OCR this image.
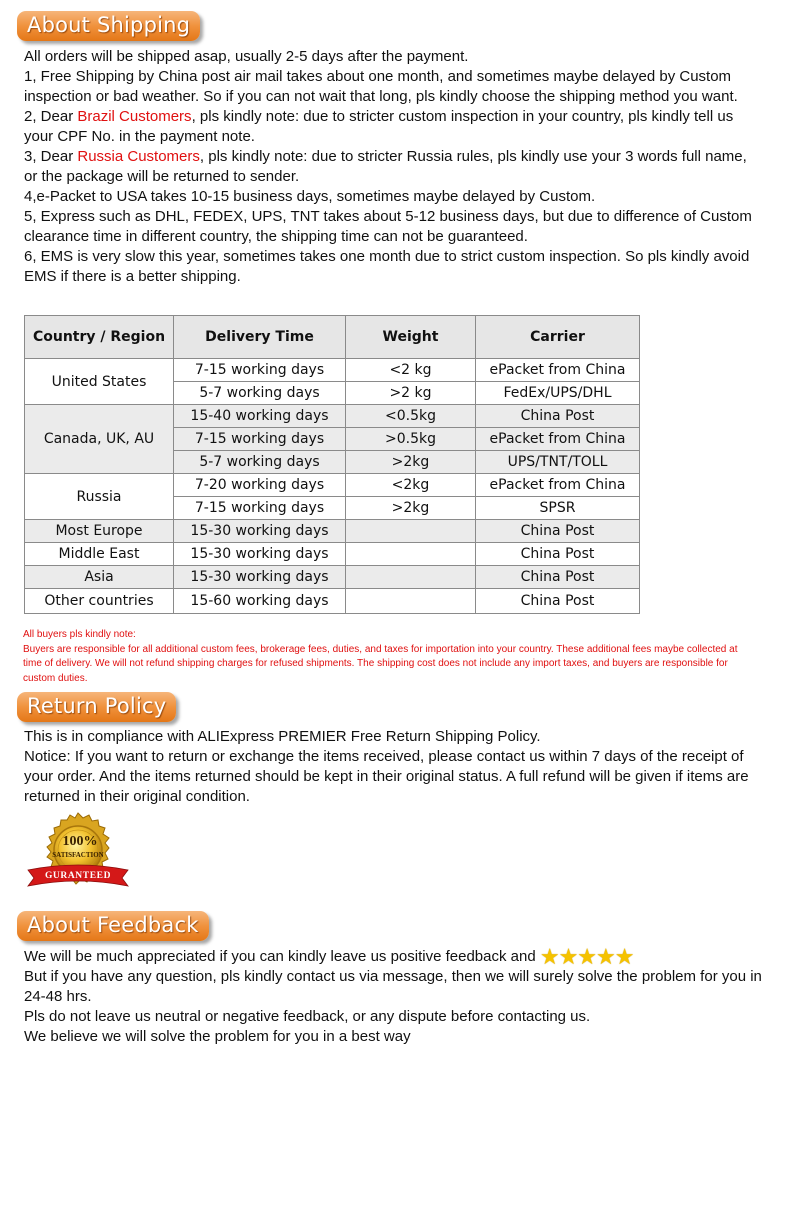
About Shipping

All orders will be shipped asap, usually 2-5 days after the payment.

1, Free Shipping by China post air mail takes about one month, and sometimes maybe delayed by Custom inspection or bad weather. So if you can not wait that long, pls kindly choose the shipping method you want.

2, Dear Brazil Customers, pls kindly note: due to stricter custom inspection in your country, pls kindly tell us your CPF No. in the payment note.

3, Dear Russia Customers, pls kindly note: due to stricter Russia rules, pls kindly use your 3 words full name, or the package will be returned to sender.

4,e-Packet to USA takes 10-15 business days, sometimes maybe delayed by Custom.

5, Express such as DHL, FEDEX, UPS, TNT takes about 5-12 business days, but due to difference of Custom clearance time in different country, the shipping time can not be guaranteed.

6, EMS is very slow this year, sometimes takes one month due to strict custom inspection. So pls kindly avoid EMS if there is a better shipping.

Country / Region	Delivery Time	Weight	Carrier
United States	7-15 working days	<2 kg	ePacket from China
	5-7 working days	>2 kg	FedEx/UPS/DHL
Canada, UK, AU	15-40 working days	<0.5kg	China Post
	7-15 working days	>0.5kg	ePacket from China
	5-7 working days	>2kg	UPS/TNT/TOLL
Russia	7-20 working days	<2kg	ePacket from China
	7-15 working days	>2kg	SPSR
Most Europe	15-30 working days		China Post
Middle East	15-30 working days		China Post
Asia	15-30 working days		China Post
Other countries	15-60 working days		China Post

All buyers pls kindly note:

Buyers are responsible for all additional custom fees, brokerage fees, duties, and taxes for importation into your country. These additional fees maybe collected at time of delivery. We will not refund shipping charges for refused shipments. The shipping cost does not include any import taxes, and buyers are responsible for custom duties.

Return Policy

This is in compliance with ALIExpress PREMIER Free Return Shipping Policy.

Notice: If you want to return or exchange the items received, please contact us within 7 days of the receipt of your order. And the items returned should be kept in their original status. A full refund will be given if items are returned in their original condition.

100%
SATISFACTION
GURANTEED
About Feedback

We will be much appreciated if you can kindly leave us positive feedback and ★★★★★

But if you have any question, pls kindly contact us via message, then we will surely solve the problem for you in 24-48 hrs.

Pls do not leave us neutral or negative feedback, or any dispute before contacting us.

We believe we will solve the problem for you in a best way
